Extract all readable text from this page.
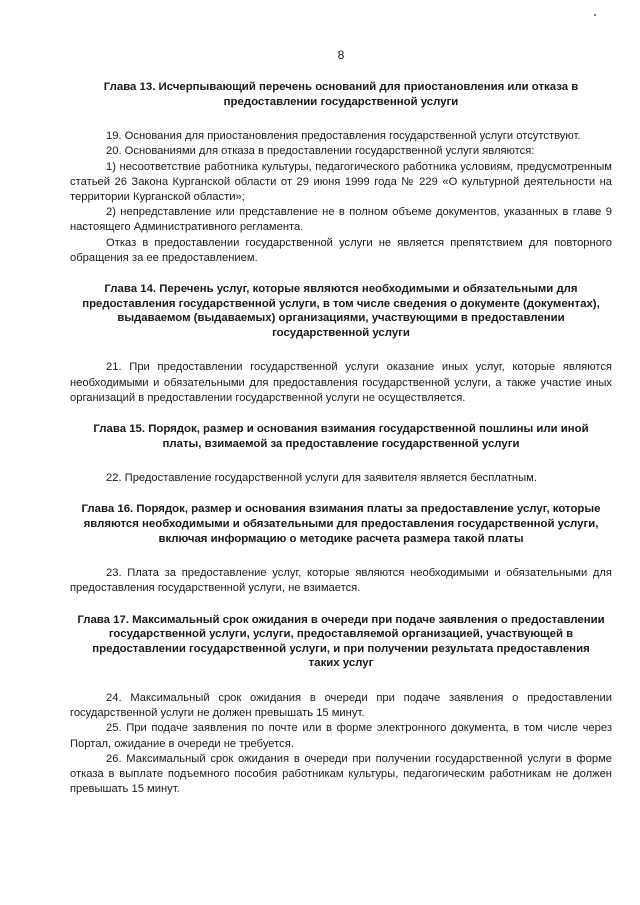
8
Глава 13. Исчерпывающий перечень оснований для приостановления или отказа в предоставлении государственной услуги

19. Основания для приостановления предоставления государственной услуги отсутствуют.

20. Основаниями для отказа в предоставлении государственной услуги являются:

1) несоответствие работника культуры, педагогического работника условиям, предусмотренным статьей 26 Закона Курганской области от 29 июня 1999 года № 229 «О культурной деятельности на территории Курганской области»;

2) непредставление или представление не в полном объеме документов, указанных в главе 9 настоящего Административного регламента.

Отказ в предоставлении государственной услуги не является препятствием для повторного обращения за ее предоставлением.

Глава 14. Перечень услуг, которые являются необходимыми и обязательными для предоставления государственной услуги, в том числе сведения о документе (документах), выдаваемом (выдаваемых) организациями, участвующими в предоставлении государственной услуги

21. При предоставлении государственной услуги оказание иных услуг, которые являются необходимыми и обязательными для предоставления государственной услуги, а также участие иных организаций в предоставлении государственной услуги не осуществляется.

Глава 15. Порядок, размер и основания взимания государственной пошлины или иной платы, взимаемой за предоставление государственной услуги

22. Предоставление государственной услуги для заявителя является бесплатным.

Глава 16. Порядок, размер и основания взимания платы за предоставление услуг, которые являются необходимыми и обязательными для предоставления государственной услуги, включая информацию о методике расчета размера такой платы

23. Плата за предоставление услуг, которые являются необходимыми и обязательными для предоставления государственной услуги, не взимается.

Глава 17. Максимальный срок ожидания в очереди при подаче заявления о предоставлении государственной услуги, услуги, предоставляемой организацией, участвующей в предоставлении государственной услуги, и при получении результата предоставления таких услуг

24. Максимальный срок ожидания в очереди при подаче заявления о предоставлении государственной услуги не должен превышать 15 минут.

25. При подаче заявления по почте или в форме электронного документа, в том числе через Портал, ожидание в очереди не требуется.

26. Максимальный срок ожидания в очереди при получении государственной услуги в форме отказа в выплате подъемного пособия работникам культуры, педагогическим работникам не должен превышать 15 минут.
